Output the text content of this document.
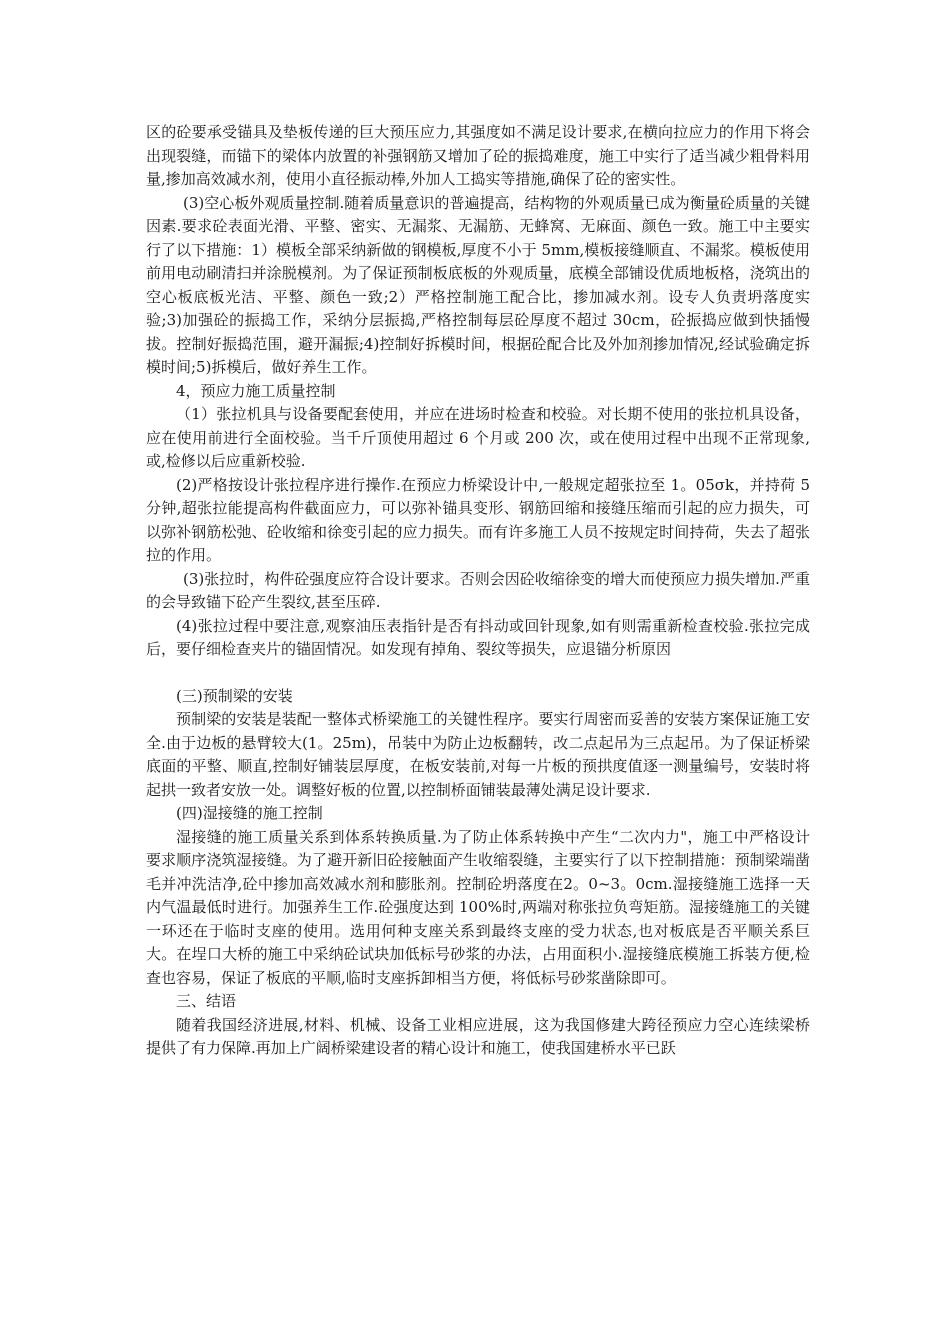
区的砼要承受锚具及垫板传递的巨大预压应力,其强度如不满足设计要求,在横向拉应力的作用下将会出现裂缝，而锚下的梁体内放置的补强钢筋又增加了砼的振捣难度，施工中实行了适当减少粗骨料用量,掺加高效减水剂，使用小直径振动棒,外加人工捣实等措施,确保了砼的密实性。

(3)空心板外观质量控制.随着质量意识的普遍提高，结构物的外观质量已成为衡量砼质量的关键因素.要求砼表面光滑、平整、密实、无漏浆、无漏筋、无蜂窝、无麻面、颜色一致。施工中主要实行了以下措施：1）模板全部采纳新做的钢模板,厚度不小于 5mm,模板接缝顺直、不漏浆。模板使用前用电动刷清扫并涂脱模剂。为了保证预制板底板的外观质量，底模全部铺设优质地板格，浇筑出的空心板底板光洁、平整、颜色一致;2）严格控制施工配合比，掺加减水剂。设专人负责坍落度实验;3)加强砼的振捣工作，采纳分层振捣,严格控制每层砼厚度不超过 30cm，砼振捣应做到快插慢拔。控制好振捣范围，避开漏振;4)控制好拆模时间，根据砼配合比及外加剂掺加情况,经试验确定拆模时间;5)拆模后，做好养生工作。

4，预应力施工质量控制

（1）张拉机具与设备要配套使用，并应在进场时检查和校验。对长期不使用的张拉机具设备，应在使用前进行全面校验。当千斤顶使用超过 6 个月或 200 次，或在使用过程中出现不正常现象,或,检修以后应重新校验.

(2)严格按设计张拉程序进行操作.在预应力桥梁设计中,一般规定超张拉至 1。05σk，并持荷 5 分钟,超张拉能提高构件截面应力，可以弥补锚具变形、钢筋回缩和接缝压缩而引起的应力损失，可以弥补钢筋松弛、砼收缩和徐变引起的应力损失。而有许多施工人员不按规定时间持荷，失去了超张拉的作用。

(3)张拉时，构件砼强度应符合设计要求。否则会因砼收缩徐变的增大而使预应力损失增加.严重的会导致锚下砼产生裂纹,甚至压碎.

(4)张拉过程中要注意,观察油压表指针是否有抖动或回针现象,如有则需重新检查校验.张拉完成后，要仔细检查夹片的锚固情况。如发现有掉角、裂纹等损失，应退锚分析原因

(三)预制梁的安装

预制梁的安装是装配一整体式桥梁施工的关键性程序。要实行周密而妥善的安装方案保证施工安全.由于边板的悬臂较大(1。25m)，吊装中为防止边板翻转，改二点起吊为三点起吊。为了保证桥梁底面的平整、顺直,控制好铺装层厚度，在板安装前,对每一片板的预拱度值逐一测量编号，安装时将起拱一致者安放一处。调整好板的位置,以控制桥面铺装最薄处满足设计要求.

(四)湿接缝的施工控制

湿接缝的施工质量关系到体系转换质量.为了防止体系转换中产生“二次内力"，施工中严格设计要求顺序浇筑湿接缝。为了避开新旧砼接触面产生收缩裂缝，主要实行了以下控制措施：预制梁端凿毛并冲洗洁净,砼中掺加高效减水剂和膨胀剂。控制砼坍落度在2。0~3。0cm.湿接缝施工选择一天内气温最低时进行。加强养生工作.砼强度达到 100%时,两端对称张拉负弯矩筋。湿接缝施工的关键一环还在于临时支座的使用。选用何种支座关系到最终支座的受力状态,也对板底是否平顺关系巨大。在埕口大桥的施工中采纳砼试块加低标号砂浆的办法，占用面积小.湿接缝底模施工拆装方便,检查也容易，保证了板底的平顺,临时支座拆卸相当方便，将低标号砂浆凿除即可。

三、结语

随着我国经济进展,材料、机械、设备工业相应进展，这为我国修建大跨径预应力空心连续梁桥提供了有力保障.再加上广阔桥梁建设者的精心设计和施工，使我国建桥水平已跃
